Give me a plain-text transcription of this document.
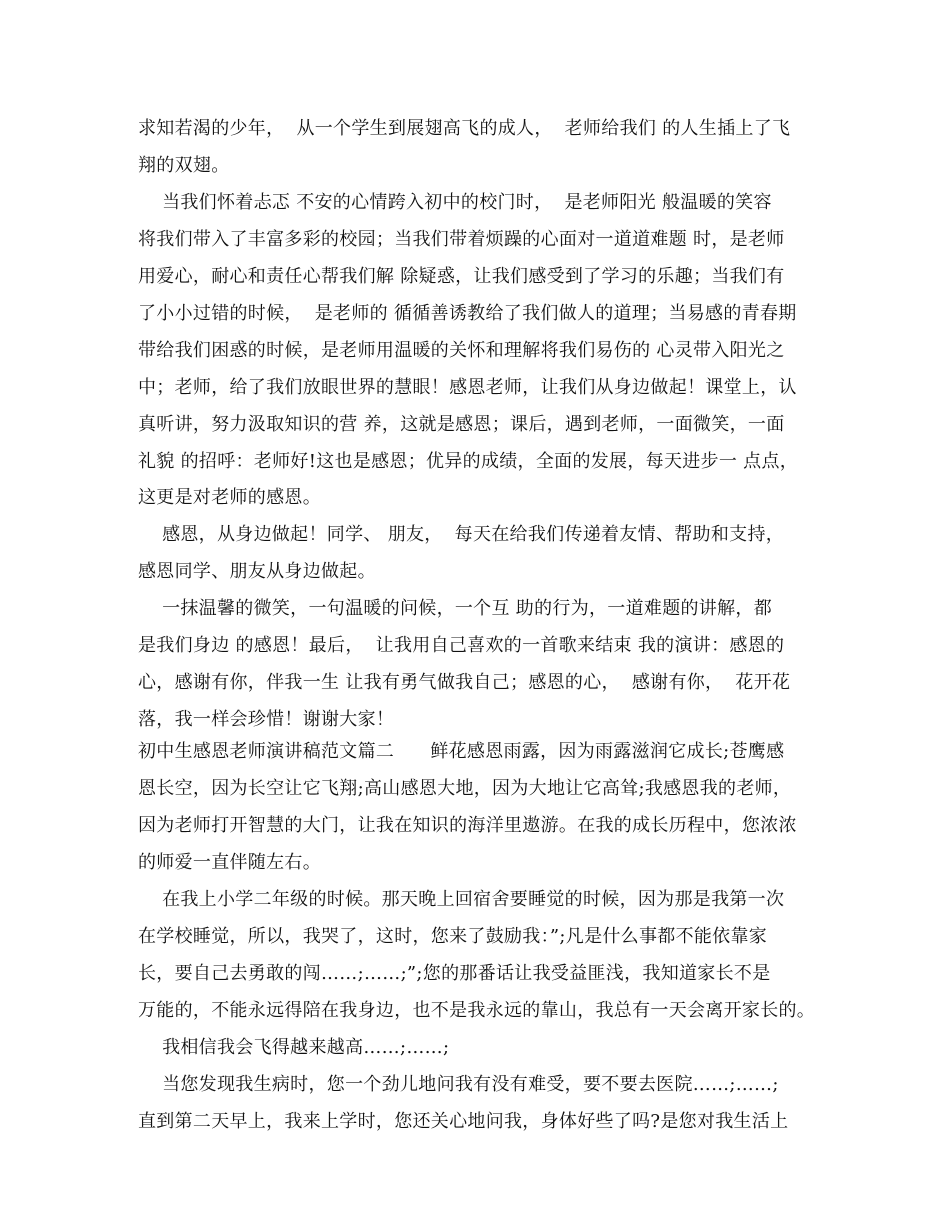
求知若渴的少年，  从一个学生到展翅高飞的成人，  老师给我们 的人生插上了飞
翔的双翅。
当我们怀着忐忑 不安的心情跨入初中的校门时，  是老师阳光 般温暖的笑容
将我们带入了丰富多彩的校园；当我们带着烦躁的心面对一道道难题 时，是老师
用爱心，耐心和责任心帮我们解 除疑惑，让我们感受到了学习的乐趣；当我们有
了小小过错的时候，  是老师的 循循善诱教给了我们做人的道理；当易感的青春期
带给我们困惑的时候，是老师用温暖的关怀和理解将我们易伤的 心灵带入阳光之
中；老师，给了我们放眼世界的慧眼！感恩老师，让我们从身边做起！课堂上，认
真听讲，努力汲取知识的营 养，这就是感恩；课后，遇到老师，一面微笑，一面
礼貌 的招呼：老师好!这也是感恩；优异的成绩，全面的发展，每天进步一 点点，
这更是对老师的感恩。
感恩，从身边做起！同学、 朋友，  每天在给我们传递着友情、帮助和支持，
感恩同学、朋友从身边做起。
一抹温馨的微笑，一句温暖的问候，一个互 助的行为，一道难题的讲解，都
是我们身边 的感恩！最后，  让我用自己喜欢的一首歌来结束 我的演讲：感恩的
心，感谢有你，伴我一生 让我有勇气做我自己；感恩的心，  感谢有你，  花开花
落，我一样会珍惜！谢谢大家！
初中生感恩老师演讲稿范文篇二      鲜花感恩雨露，因为雨露滋润它成长;苍鹰感
恩长空，因为长空让它飞翔;高山感恩大地，因为大地让它高耸;我感恩我的老师，
因为老师打开智慧的大门，让我在知识的海洋里遨游。在我的成长历程中，您浓浓
的师爱一直伴随左右。
在我上小学二年级的时候。那天晚上回宿舍要睡觉的时候，因为那是我第一次
在学校睡觉，所以，我哭了，这时，您来了鼓励我：”;凡是什么事都不能依靠家
长，要自己去勇敢的闯……;……;”;您的那番话让我受益匪浅，我知道家长不是
万能的，不能永远得陪在我身边，也不是我永远的靠山，我总有一天会离开家长的。
我相信我会飞得越来越高……;……;
当您发现我生病时，您一个劲儿地问我有没有难受，要不要去医院……;……;
直到第二天早上，我来上学时，您还关心地问我，身体好些了吗?是您对我生活上
